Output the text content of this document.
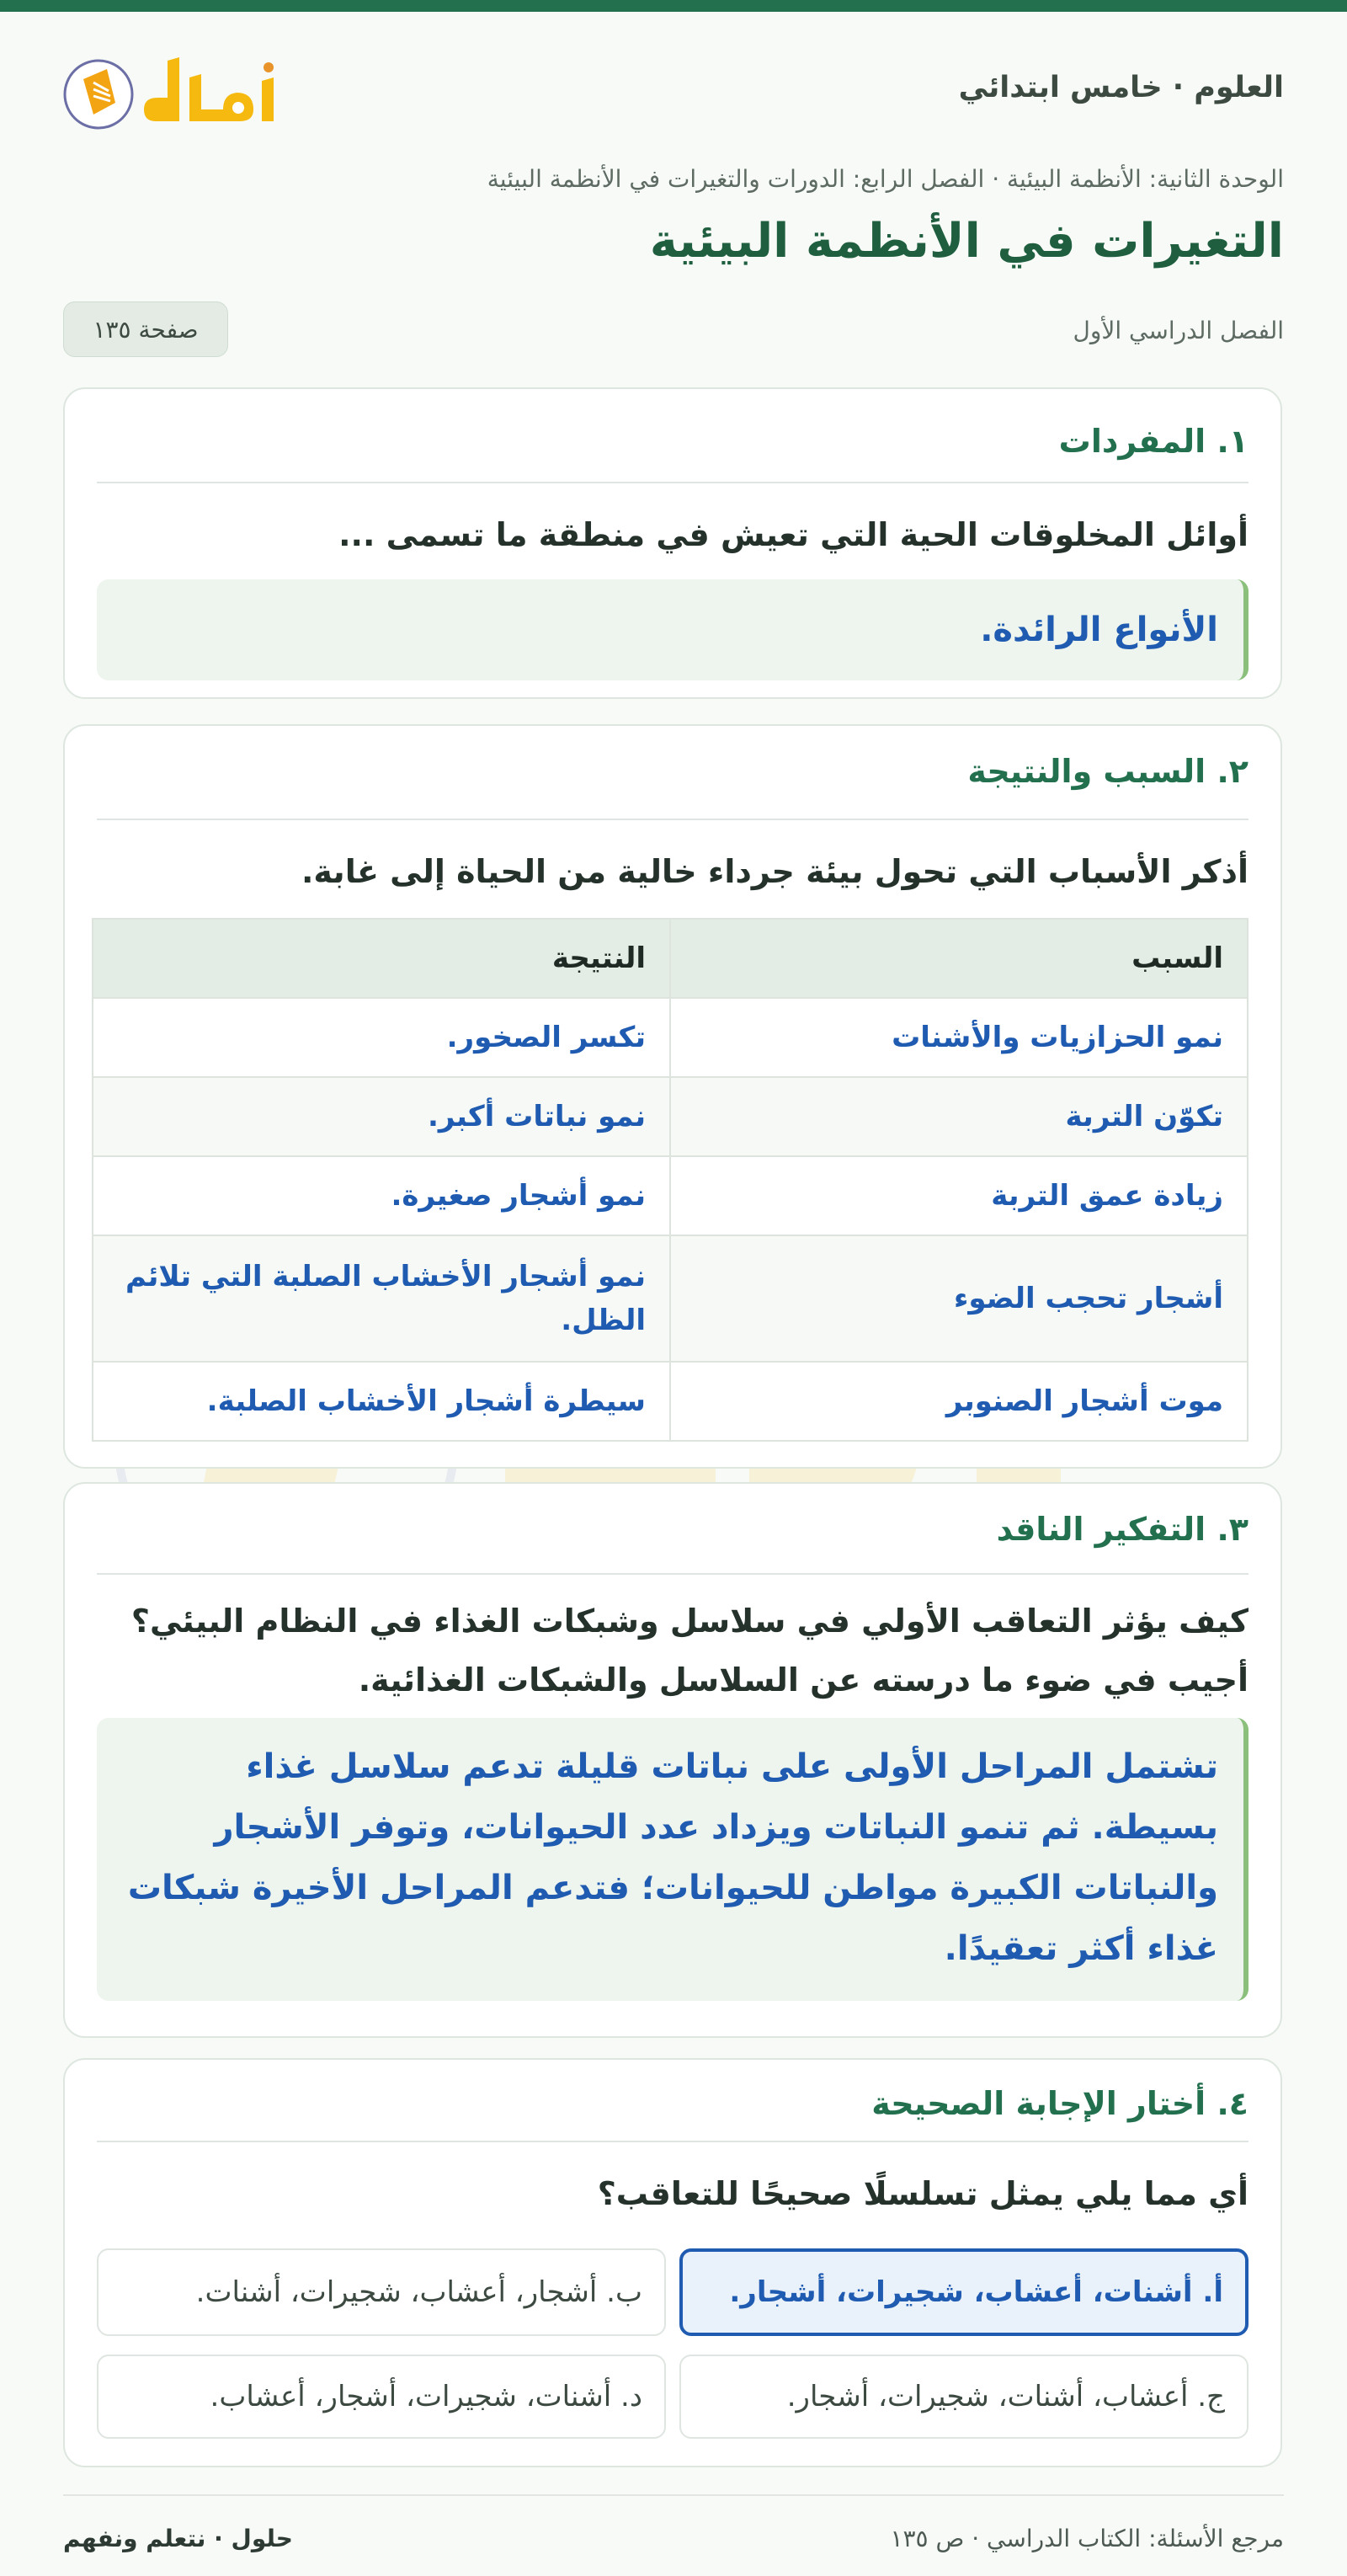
العلوم · خامس ابتدائي
الوحدة الثانية: الأنظمة البيئية · الفصل الرابع: الدورات والتغيرات في الأنظمة البيئية
التغيرات في الأنظمة البيئية
الفصل الدراسي الأول
صفحة ١٣٥
١. المفردات
أوائل المخلوقات الحية التي تعيش في منطقة ما تسمى ...
الأنواع الرائدة.
٢. السبب والنتيجة
أذكر الأسباب التي تحول بيئة جرداء خالية من الحياة إلى غابة.
السبب	النتيجة
نمو الحزازيات والأشنات	تكسر الصخور.
تكوّن التربة	نمو نباتات أكبر.
زيادة عمق التربة	نمو أشجار صغيرة.
أشجار تحجب الضوء	نمو أشجار الأخشاب الصلبة التي تلائم الظل.
موت أشجار الصنوبر	سيطرة أشجار الأخشاب الصلبة.
٣. التفكير الناقد
كيف يؤثر التعاقب الأولي في سلاسل وشبكات الغذاء في النظام البيئي؟ أجيب في ضوء ما درسته عن السلاسل والشبكات الغذائية.
تشتمل المراحل الأولى على نباتات قليلة تدعم سلاسل غذاء بسيطة. ثم تنمو النباتات ويزداد عدد الحيوانات، وتوفر الأشجار والنباتات الكبيرة مواطن للحيوانات؛ فتدعم المراحل الأخيرة شبكات غذاء أكثر تعقيدًا.
٤. أختار الإجابة الصحيحة
أي مما يلي يمثل تسلسلًا صحيحًا للتعاقب؟
أ. أشنات، أعشاب، شجيرات، أشجار.
ب. أشجار، أعشاب، شجيرات، أشنات.
ج. أعشاب، أشنات، شجيرات، أشجار.
د. أشنات، شجيرات، أشجار، أعشاب.
مرجع الأسئلة: الكتاب الدراسي · ص ١٣٥
حلول · نتعلم ونفهم
